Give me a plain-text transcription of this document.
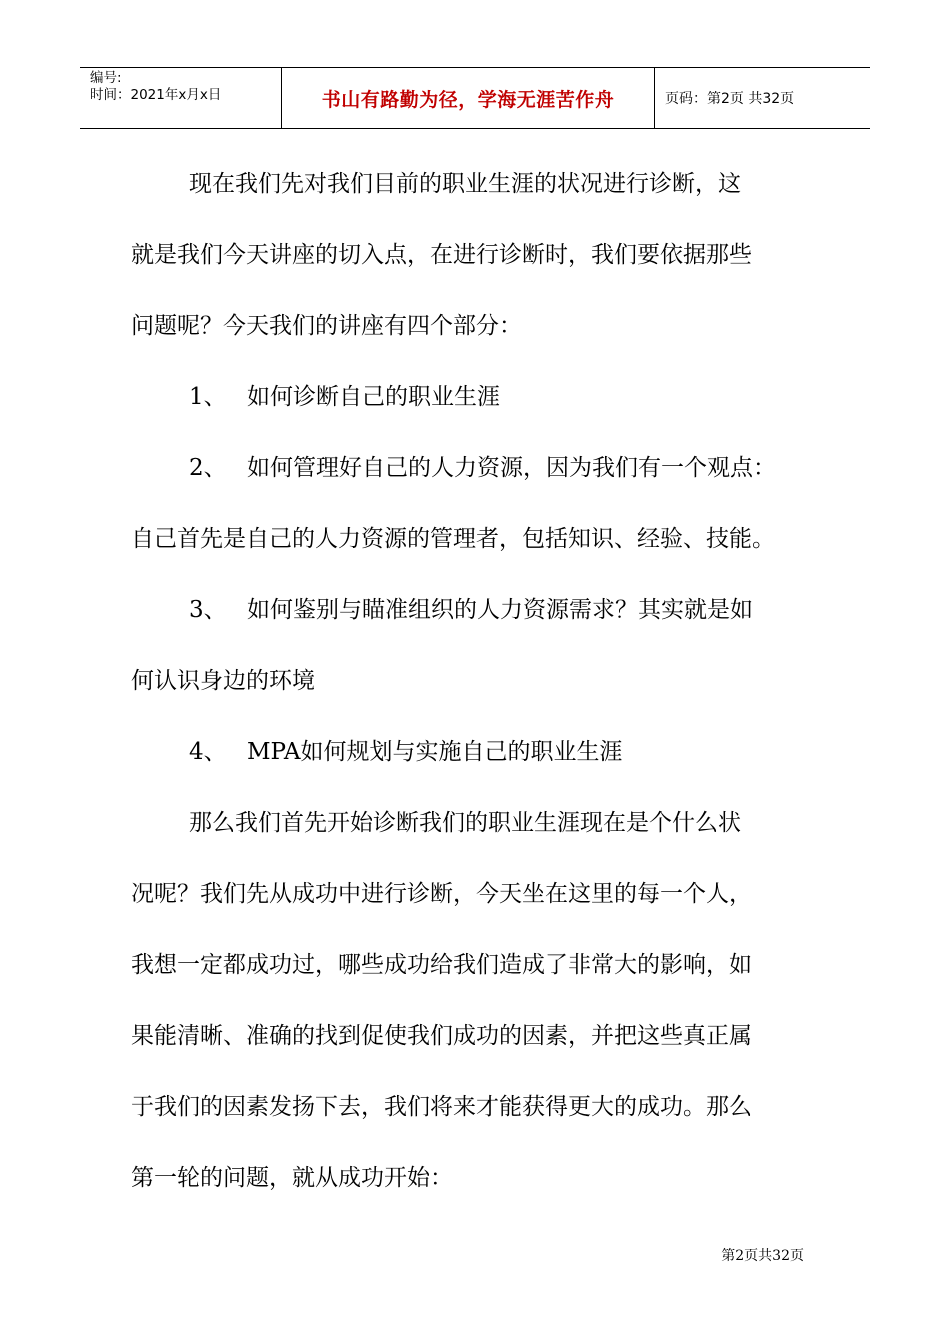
编号:
时间：2021年x月x日	书山有路勤为径，学海无涯苦作舟	页码：第2页 共32页
现在我们先对我们目前的职业生涯的状况进行诊断，这
就是我们今天讲座的切入点，在进行诊断时，我们要依据那些
问题呢？今天我们的讲座有四个部分：
1、 如何诊断自己的职业生涯
2、 如何管理好自己的人力资源，因为我们有一个观点：
自己首先是自己的人力资源的管理者，包括知识、经验、技能。
3、 如何鉴别与瞄准组织的人力资源需求？其实就是如
何认识身边的环境
4、 MPA如何规划与实施自己的职业生涯
那么我们首先开始诊断我们的职业生涯现在是个什么状
况呢？我们先从成功中进行诊断，今天坐在这里的每一个人，
我想一定都成功过，哪些成功给我们造成了非常大的影响，如
果能清晰、准确的找到促使我们成功的因素，并把这些真正属
于我们的因素发扬下去，我们将来才能获得更大的成功。那么
第一轮的问题，就从成功开始：
第2页共32页
